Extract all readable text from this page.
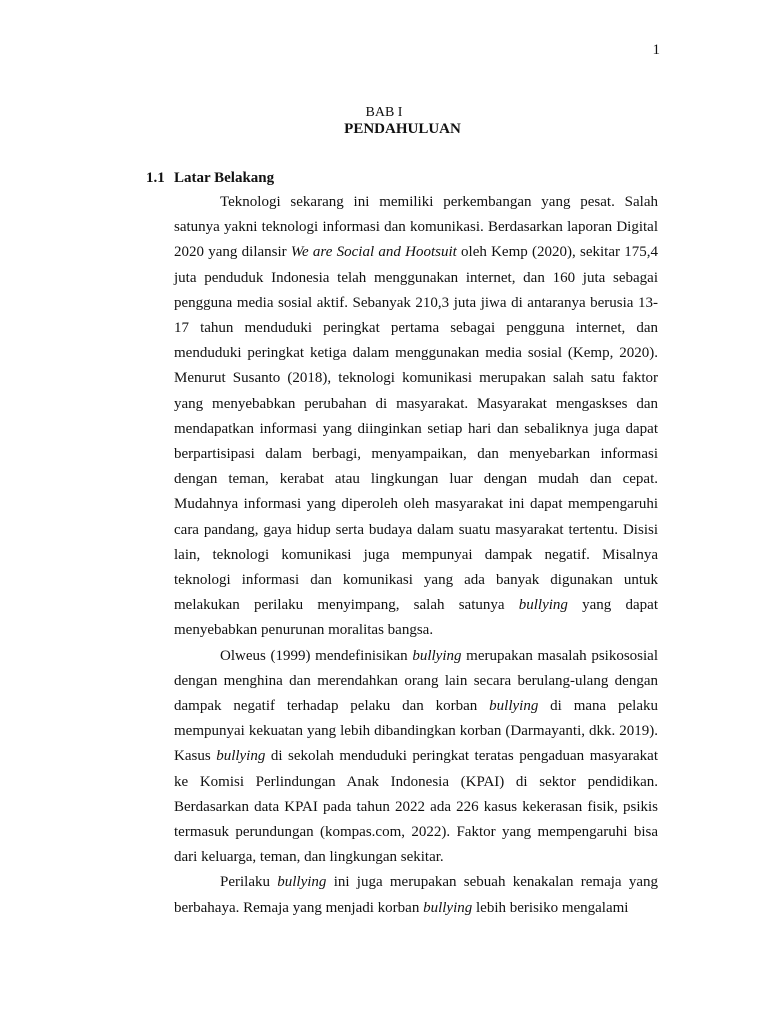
1
BAB I
PENDAHULUAN
1.1 Latar Belakang

Teknologi sekarang ini memiliki perkembangan yang pesat. Salah satunya yakni teknologi informasi dan komunikasi. Berdasarkan laporan Digital 2020 yang dilansir We are Social and Hootsuit oleh Kemp (2020), sekitar 175,4 juta penduduk Indonesia telah menggunakan internet, dan 160 juta sebagai pengguna media sosial aktif. Sebanyak 210,3 juta jiwa di antaranya berusia 13-17 tahun menduduki peringkat pertama sebagai pengguna internet, dan menduduki peringkat ketiga dalam menggunakan media sosial (Kemp, 2020). Menurut Susanto (2018), teknologi komunikasi merupakan salah satu faktor yang menyebabkan perubahan di masyarakat. Masyarakat mengaskses dan mendapatkan informasi yang diinginkan setiap hari dan sebaliknya juga dapat berpartisipasi dalam berbagi, menyampaikan, dan menyebarkan informasi dengan teman, kerabat atau lingkungan luar dengan mudah dan cepat. Mudahnya informasi yang diperoleh oleh masyarakat ini dapat mempengaruhi cara pandang, gaya hidup serta budaya dalam suatu masyarakat tertentu. Disisi lain, teknologi komunikasi juga mempunyai dampak negatif. Misalnya teknologi informasi dan komunikasi yang ada banyak digunakan untuk melakukan perilaku menyimpang, salah satunya bullying yang dapat menyebabkan penurunan moralitas bangsa.

Olweus (1999) mendefinisikan bullying merupakan masalah psikososial dengan menghina dan merendahkan orang lain secara berulang-ulang dengan dampak negatif terhadap pelaku dan korban bullying di mana pelaku mempunyai kekuatan yang lebih dibandingkan korban (Darmayanti, dkk. 2019). Kasus bullying di sekolah menduduki peringkat teratas pengaduan masyarakat ke Komisi Perlindungan Anak Indonesia (KPAI) di sektor pendidikan. Berdasarkan data KPAI pada tahun 2022 ada 226 kasus kekerasan fisik, psikis termasuk perundungan (kompas.com, 2022). Faktor yang mempengaruhi bisa dari keluarga, teman, dan lingkungan sekitar.

Perilaku bullying ini juga merupakan sebuah kenakalan remaja yang berbahaya. Remaja yang menjadi korban bullying lebih berisiko mengalami
